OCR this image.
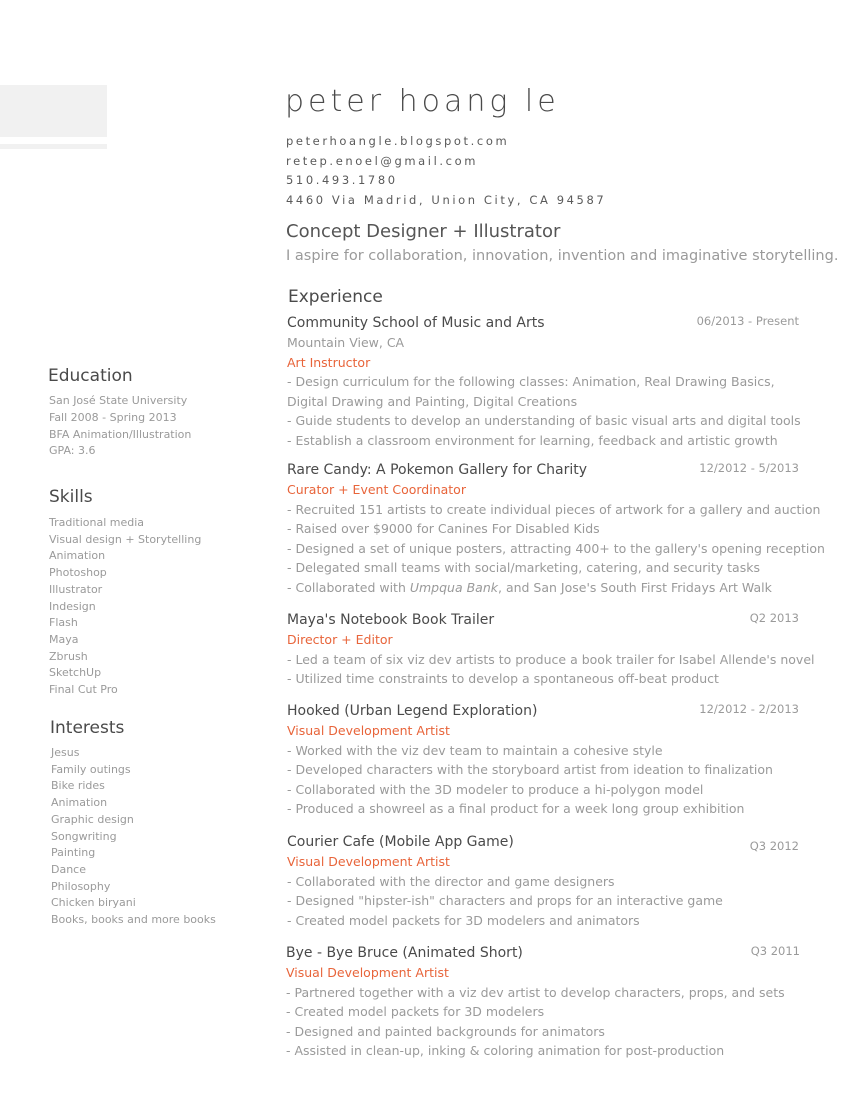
peter hoang le
peterhoangle.blogspot.com
retep.enoel@gmail.com
510.493.1780
4460 Via Madrid, Union City, CA 94587
Concept Designer + Illustrator
I aspire for collaboration, innovation, invention and imaginative storytelling.
Education
San José State University
Fall 2008 - Spring 2013
BFA Animation/Illustration
GPA: 3.6
Skills
Traditional media
Visual design + Storytelling
Animation
Photoshop
Illustrator
Indesign
Flash
Maya
Zbrush
SketchUp
Final Cut Pro
Interests
Jesus
Family outings
Bike rides
Animation
Graphic design
Songwriting
Painting
Dance
Philosophy
Chicken biryani
Books, books and more books
Experience
Community School of Music and Arts	06/2013 - Present
Mountain View, CA
Art Instructor
- Design curriculum for the following classes: Animation, Real Drawing Basics, Digital Drawing and Painting, Digital Creations
- Guide students to develop an understanding of basic visual arts and digital tools
- Establish a classroom environment for learning, feedback and artistic growth
Rare Candy: A Pokemon Gallery for Charity	12/2012 - 5/2013
Curator + Event Coordinator
- Recruited 151 artists to create individual pieces of artwork for a gallery and auction
- Raised over $9000 for Canines For Disabled Kids
- Designed a set of unique posters, attracting 400+ to the gallery's opening reception
- Delegated small teams with social/marketing, catering, and security tasks
- Collaborated with Umpqua Bank, and San Jose's South First Fridays Art Walk
Maya's Notebook Book Trailer	Q2 2013
Director + Editor
- Led a team of six viz dev artists to produce a book trailer for Isabel Allende's novel
- Utilized time constraints to develop a spontaneous off-beat product
Hooked (Urban Legend Exploration)	12/2012 - 2/2013
Visual Development Artist
- Worked with the viz dev team to maintain a cohesive style
- Developed characters with the storyboard artist from ideation to finalization
- Collaborated with the 3D modeler to produce a hi-polygon model
- Produced a showreel as a final product for a week long group exhibition
Courier Cafe (Mobile App Game)	Q3 2012
Visual Development Artist
- Collaborated with the director and game designers
- Designed "hipster-ish" characters and props for an interactive game
- Created model packets for 3D modelers and animators
Bye - Bye Bruce (Animated Short)	Q3 2011
Visual Development Artist
- Partnered together with a viz dev artist to develop characters, props, and sets
- Created model packets for 3D modelers
- Designed and painted backgrounds for animators
- Assisted in clean-up, inking & coloring animation for post-production
